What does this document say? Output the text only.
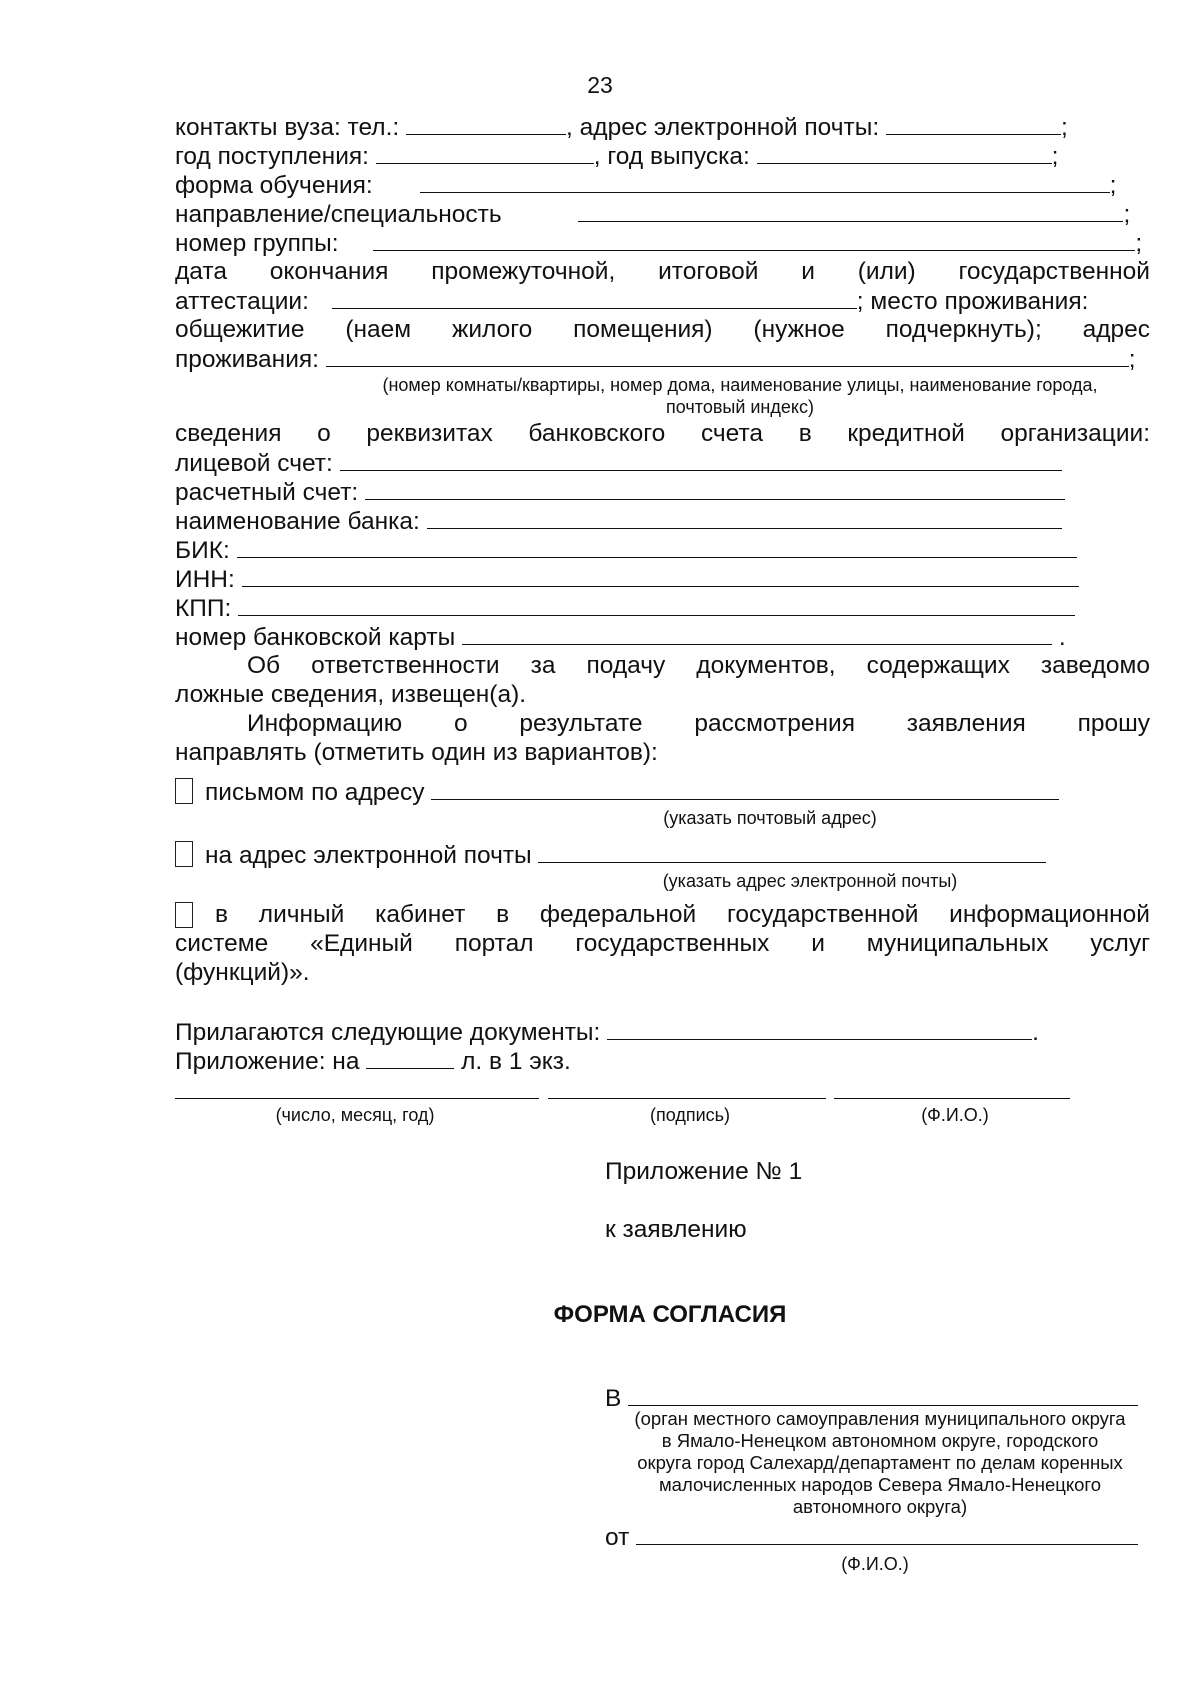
23
контакты вуза: тел.:	, адрес электронной почты:	;
год поступления:	, год выпуска:	;
форма обучения:	;
направление/специальность	;
номер группы:	;
дата окончания промежуточной, итоговой и (или) государственной
аттестации:	; место проживания:
общежитие (наем жилого помещения) (нужное подчеркнуть); адрес
проживания:	;
(номер комнаты/квартиры, номер дома, наименование улицы, наименование города,
почтовый индекс)
сведения о реквизитах банковского счета в кредитной организации:
лицевой счет:
расчетный счет:
наименование банка:
БИК:
ИНН:
КПП:
номер банковской карты	.
Об ответственности за подачу документов, содержащих заведомо
ложные сведения, извещен(а).
Информацию о результате рассмотрения заявления прошу
направлять (отметить один из вариантов):
письмом по адресу
(указать почтовый адрес)
на адрес электронной почты
(указать адрес электронной почты)
в личный кабинет в федеральной государственной информационной
системе «Единый портал государственных и муниципальных услуг
(функций)».
Прилагаются следующие документы:	.
Приложение: на	л. в 1 экз.
(число, месяц, год)	(подпись)	(Ф.И.О.)
Приложение № 1
к заявлению
ФОРМА СОГЛАСИЯ
В
(орган местного самоуправления муниципального округа
в Ямало-Ненецком автономном округе, городского
округа город Салехард/департамент по делам коренных
малочисленных народов Севера Ямало-Ненецкого
автономного округа)
от
(Ф.И.О.)
